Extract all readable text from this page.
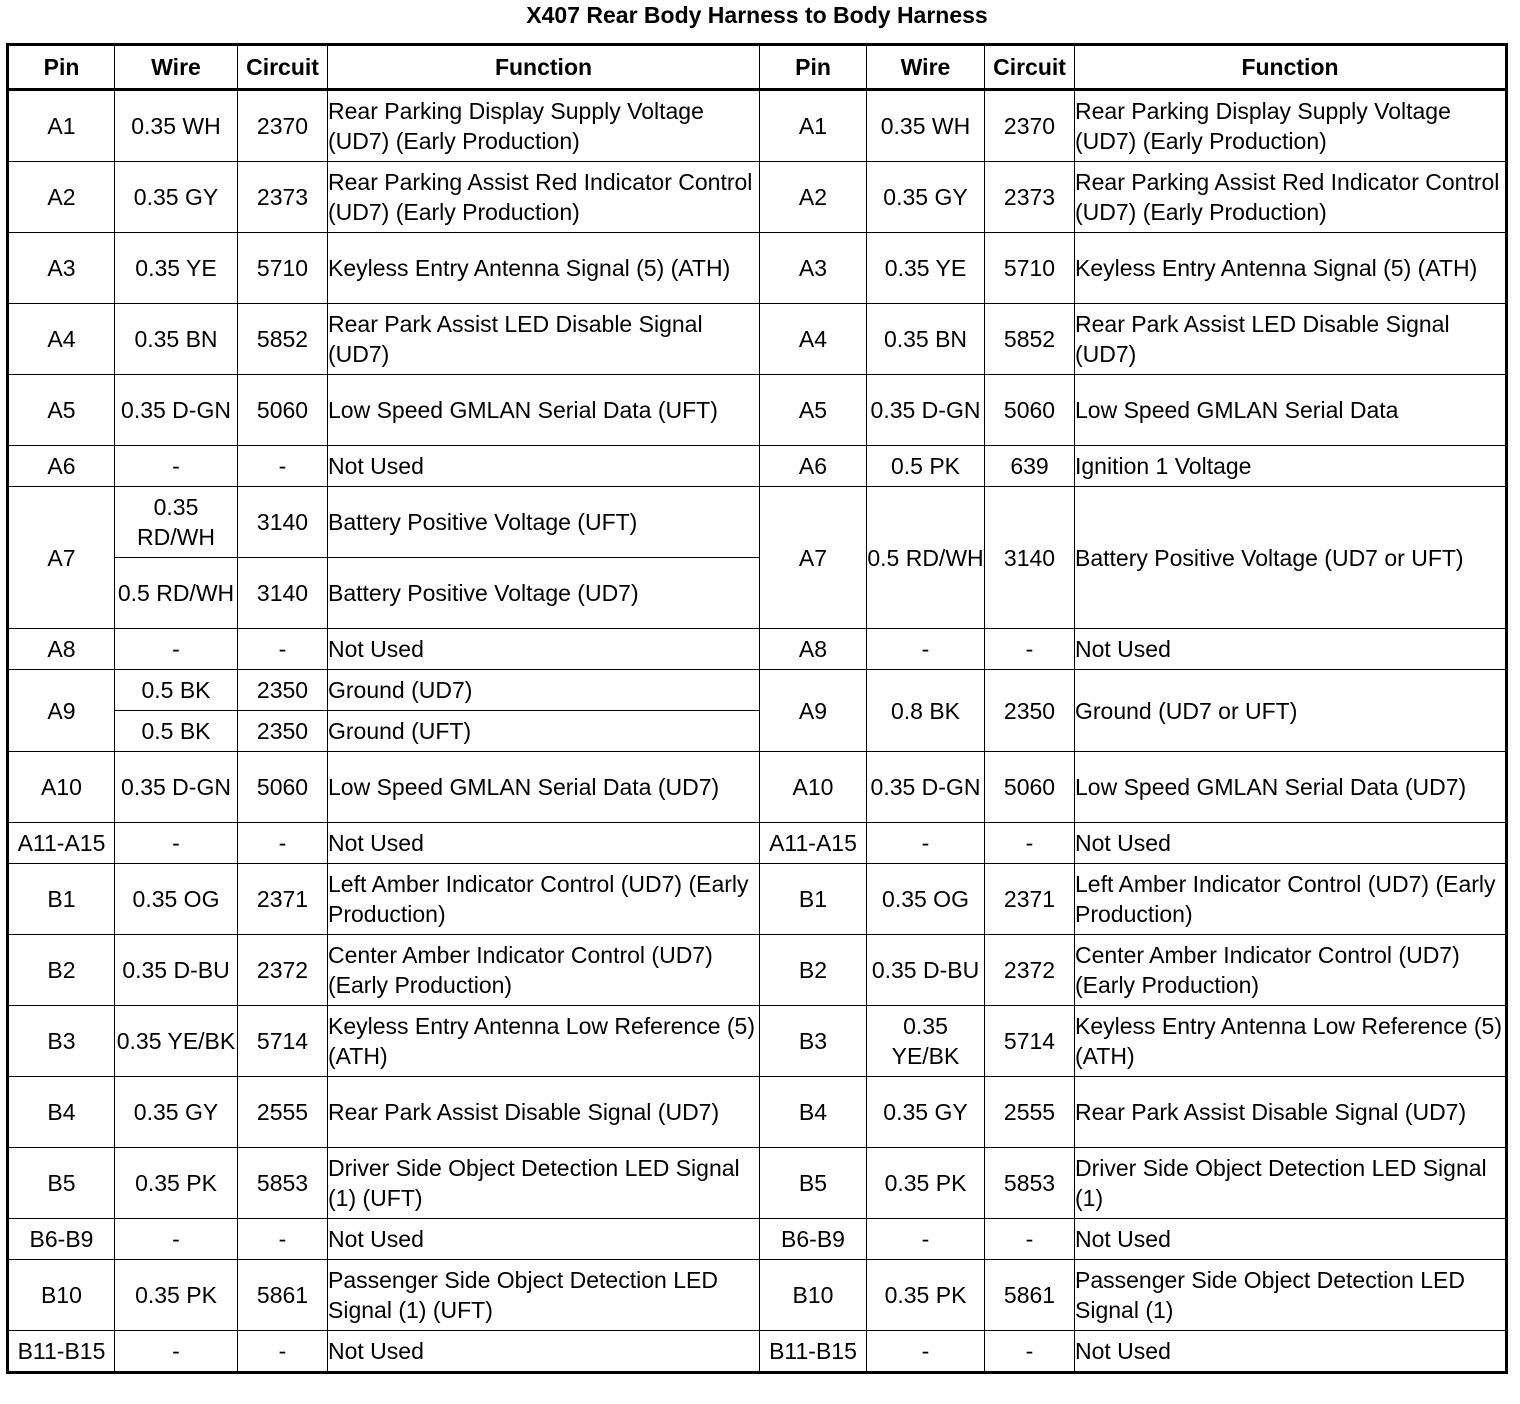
X407 Rear Body Harness to Body Harness
Pin	Wire	Circuit	Function	Pin	Wire	Circuit	Function
A1	0.35 WH	2370	Rear Parking Display Supply Voltage (UD7) (Early Production)	A1	0.35 WH	2370	Rear Parking Display Supply Voltage (UD7) (Early Production)
A2	0.35 GY	2373	Rear Parking Assist Red Indicator Control (UD7) (Early Production)	A2	0.35 GY	2373	Rear Parking Assist Red Indicator Control (UD7) (Early Production)
A3	0.35 YE	5710	Keyless Entry Antenna Signal (5) (ATH)	A3	0.35 YE	5710	Keyless Entry Antenna Signal (5) (ATH)
A4	0.35 BN	5852	Rear Park Assist LED Disable Signal (UD7)	A4	0.35 BN	5852	Rear Park Assist LED Disable Signal (UD7)
A5	0.35 D-GN	5060	Low Speed GMLAN Serial Data (UFT)	A5	0.35 D-GN	5060	Low Speed GMLAN Serial Data
A6	-	-	Not Used	A6	0.5 PK	639	Ignition 1 Voltage
A7	0.35 RD/WH	3140	Battery Positive Voltage (UFT)	A7	0.5 RD/WH	3140	Battery Positive Voltage (UD7 or UFT)
	0.5 RD/WH	3140	Battery Positive Voltage (UD7)				
A8	-	-	Not Used	A8	-	-	Not Used
A9	0.5 BK	2350	Ground (UD7)	A9	0.8 BK	2350	Ground (UD7 or UFT)
	0.5 BK	2350	Ground (UFT)				
A10	0.35 D-GN	5060	Low Speed GMLAN Serial Data (UD7)	A10	0.35 D-GN	5060	Low Speed GMLAN Serial Data (UD7)
A11-A15	-	-	Not Used	A11-A15	-	-	Not Used
B1	0.35 OG	2371	Left Amber Indicator Control (UD7) (Early Production)	B1	0.35 OG	2371	Left Amber Indicator Control (UD7) (Early Production)
B2	0.35 D-BU	2372	Center Amber Indicator Control (UD7) (Early Production)	B2	0.35 D-BU	2372	Center Amber Indicator Control (UD7) (Early Production)
B3	0.35 YE/BK	5714	Keyless Entry Antenna Low Reference (5) (ATH)	B3	0.35 YE/BK	5714	Keyless Entry Antenna Low Reference (5) (ATH)
B4	0.35 GY	2555	Rear Park Assist Disable Signal (UD7)	B4	0.35 GY	2555	Rear Park Assist Disable Signal (UD7)
B5	0.35 PK	5853	Driver Side Object Detection LED Signal (1) (UFT)	B5	0.35 PK	5853	Driver Side Object Detection LED Signal (1)
B6-B9	-	-	Not Used	B6-B9	-	-	Not Used
B10	0.35 PK	5861	Passenger Side Object Detection LED Signal (1) (UFT)	B10	0.35 PK	5861	Passenger Side Object Detection LED Signal (1)
B11-B15	-	-	Not Used	B11-B15	-	-	Not Used
